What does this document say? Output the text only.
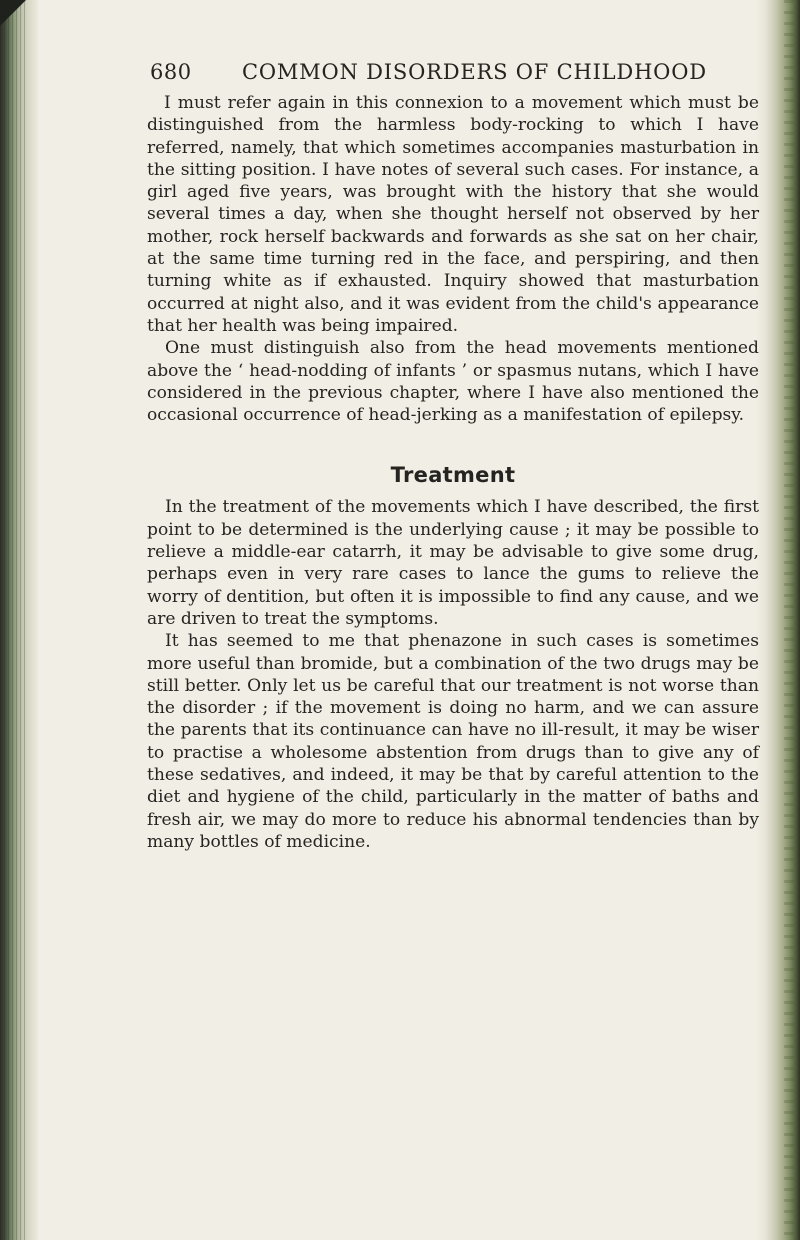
680 COMMON DISORDERS OF CHILDHOOD

I must refer again in this connexion to a movement which must be distinguished from the harmless body-rocking to which I have referred, namely, that which sometimes accompanies masturbation in the sitting position. I have notes of several such cases. For instance, a girl aged five years, was brought with the history that she would several times a day, when she thought herself not observed by her mother, rock herself backwards and forwards as she sat on her chair, at the same time turning red in the face, and perspiring, and then turning white as if exhausted. Inquiry showed that masturbation occurred at night also, and it was evident from the child's appearance that her health was being impaired.

One must distinguish also from the head movements mentioned above the ‘ head-nodding of infants ’ or spasmus nutans, which I have considered in the previous chapter, where I have also mentioned the occasional occurrence of head-jerking as a manifestation of epilepsy.

Treatment

In the treatment of the movements which I have described, the first point to be determined is the underlying cause ; it may be possible to relieve a middle-ear catarrh, it may be advisable to give some drug, perhaps even in very rare cases to lance the gums to relieve the worry of dentition, but often it is impossible to find any cause, and we are driven to treat the symptoms.

It has seemed to me that phenazone in such cases is sometimes more useful than bromide, but a combination of the two drugs may be still better. Only let us be careful that our treatment is not worse than the disorder ; if the movement is doing no harm, and we can assure the parents that its continuance can have no ill-result, it may be wiser to practise a wholesome abstention from drugs than to give any of these sedatives, and indeed, it may be that by careful attention to the diet and hygiene of the child, particularly in the matter of baths and fresh air, we may do more to reduce his abnormal tendencies than by many bottles of medicine.
